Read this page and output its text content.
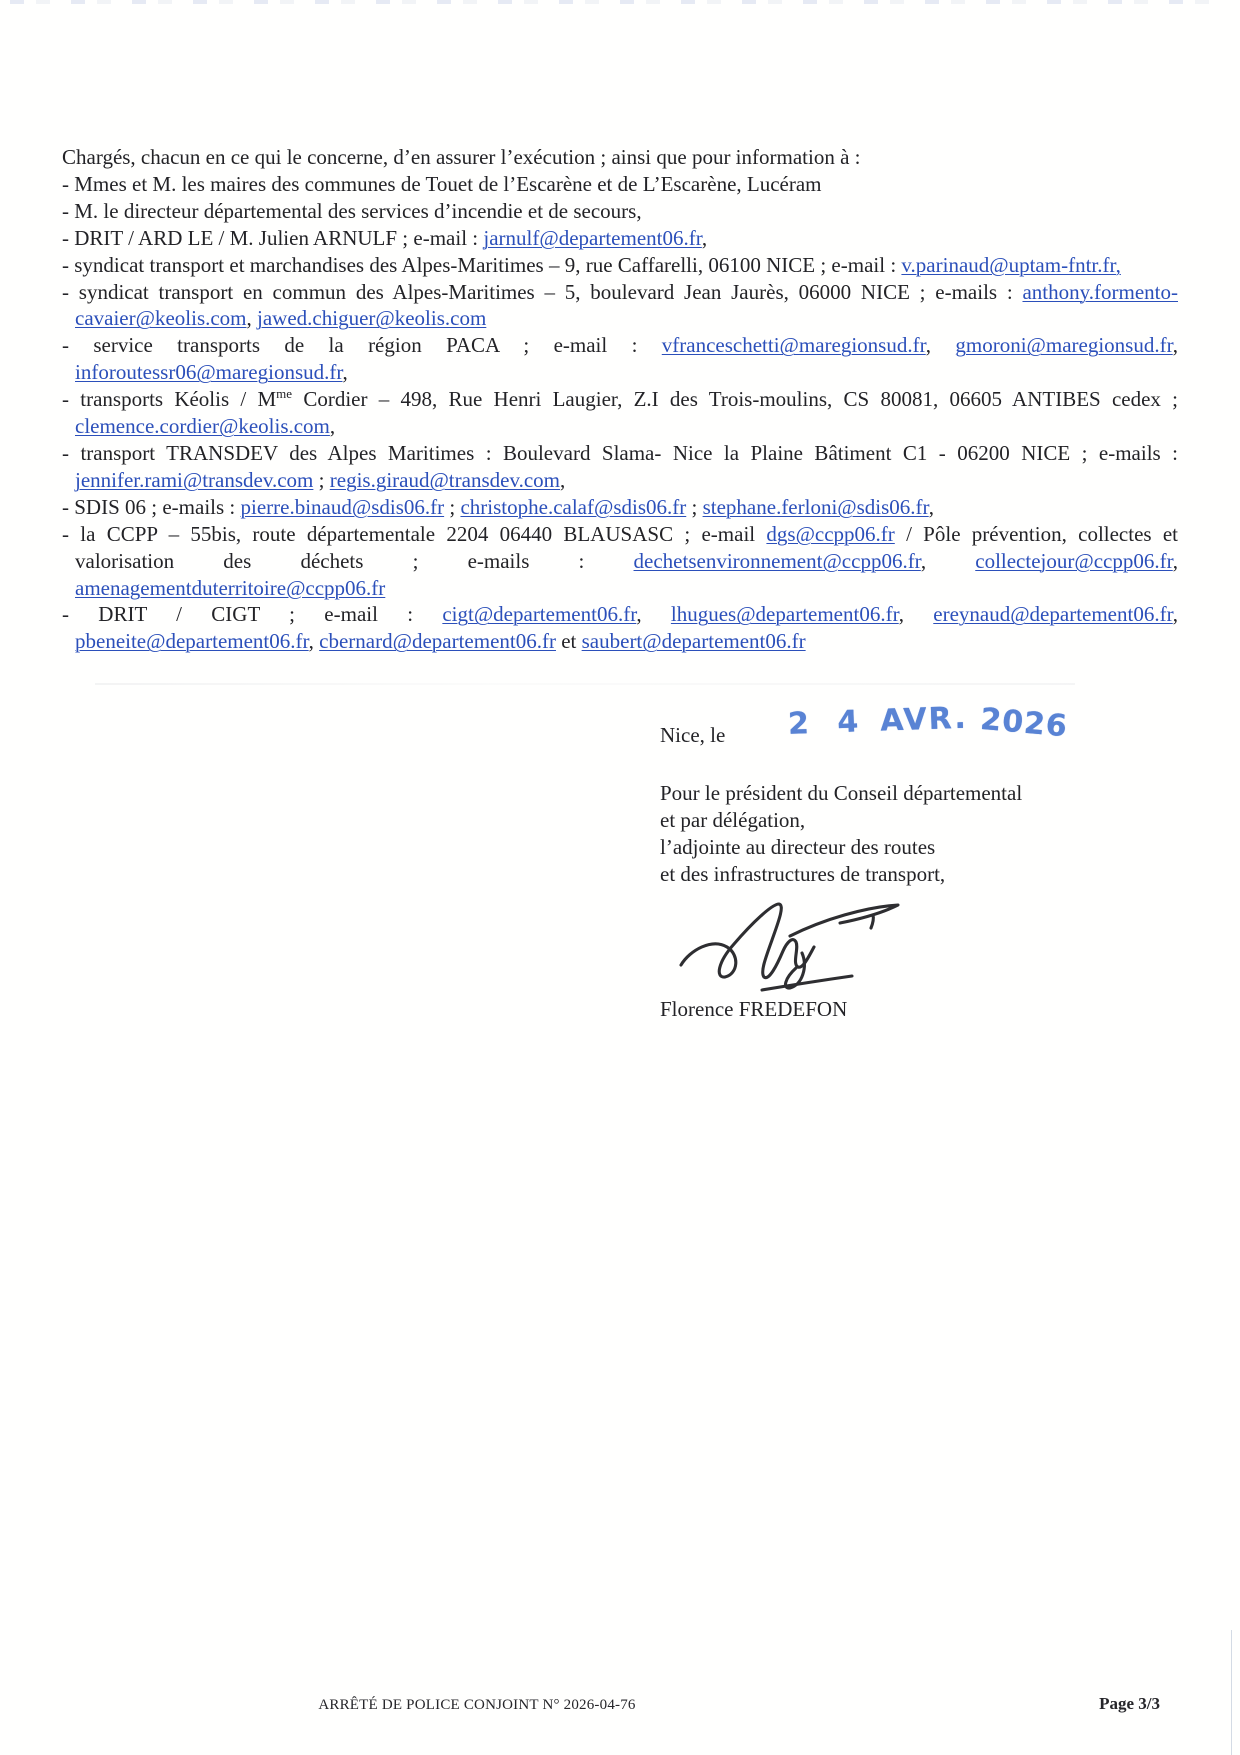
Chargés, chacun en ce qui le concerne, d’en assurer l’exécution ; ainsi que pour information à :
- Mmes et M. les maires des communes de Touet de l’Escarène et de L’Escarène, Lucéram
- M. le directeur départemental des services d’incendie et de secours,
- DRIT / ARD LE / M. Julien ARNULF ; e-mail : jarnulf@departement06.fr,
- syndicat transport et marchandises des Alpes-Maritimes – 9, rue Caffarelli, 06100 NICE ; e-mail : v.parinaud@uptam-fntr.fr,
- syndicat transport en commun des Alpes-Maritimes – 5, boulevard Jean Jaurès, 06000 NICE ; e-mails : anthony.formento-cavaier@keolis.com, jawed.chiguer@keolis.com
- service transports de la région PACA ; e-mail : vfranceschetti@maregionsud.fr, gmoroni@maregionsud.fr, inforoutessr06@maregionsud.fr,
- transports Kéolis / $M^{me}$ Cordier – 498, Rue Henri Laugier, Z.I des Trois-moulins, CS 80081, 06605 ANTIBES cedex ; clemence.cordier@keolis.com,
- transport TRANSDEV des Alpes Maritimes : Boulevard Slama- Nice la Plaine Bâtiment C1 - 06200 NICE ; e-mails : jennifer.rami@transdev.com ; regis.giraud@transdev.com,
- SDIS 06 ; e-mails : pierre.binaud@sdis06.fr ; christophe.calaf@sdis06.fr ; stephane.ferloni@sdis06.fr,
- la CCPP – 55bis, route départementale 2204 06440 BLAUSASC ; e-mail dgs@ccpp06.fr / Pôle prévention, collectes et valorisation des déchets ; e-mails : dechetsenvironnement@ccpp06.fr, collectejour@ccpp06.fr, amenagementduterritoire@ccpp06.fr
- DRIT / CIGT ; e-mail : cigt@departement06.fr, lhugues@departement06.fr, ereynaud@departement06.fr, pbeneite@departement06.fr, cbernard@departement06.fr et saubert@departement06.fr
Nice, le 2 4 AVR. 2026
Pour le président du Conseil départemental
et par délégation,
l’adjointe au directeur des routes
et des infrastructures de transport,
Florence FREDEFON
ARRÊTÉ DE POLICE CONJOINT N° 2026-04-76	Page 3/3
